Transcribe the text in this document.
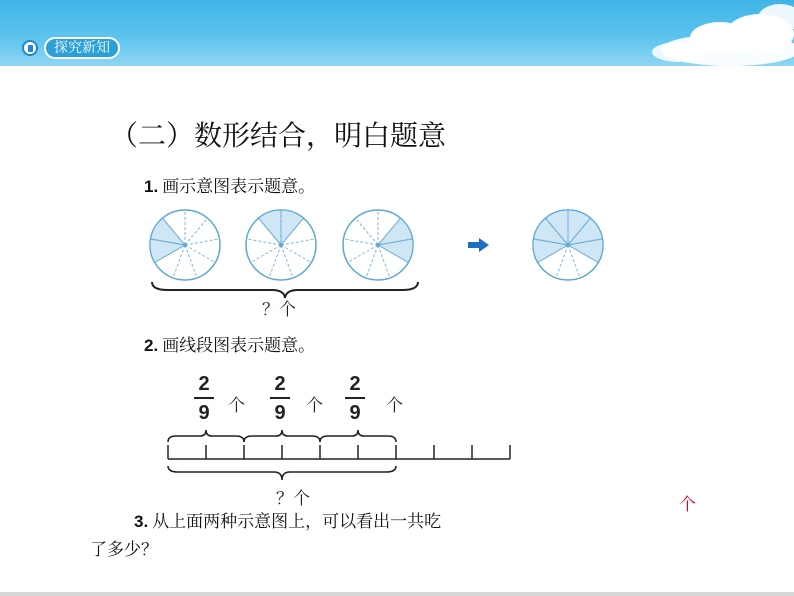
探究新知
（二）数形结合，明白题意
1. 画示意图表示题意。
？个
2. 画线段图表示题意。
2
9 个
2
9 个
2
9 个
？个
3. 从上面两种示意图上，可以看出一共吃
了多少？
个
